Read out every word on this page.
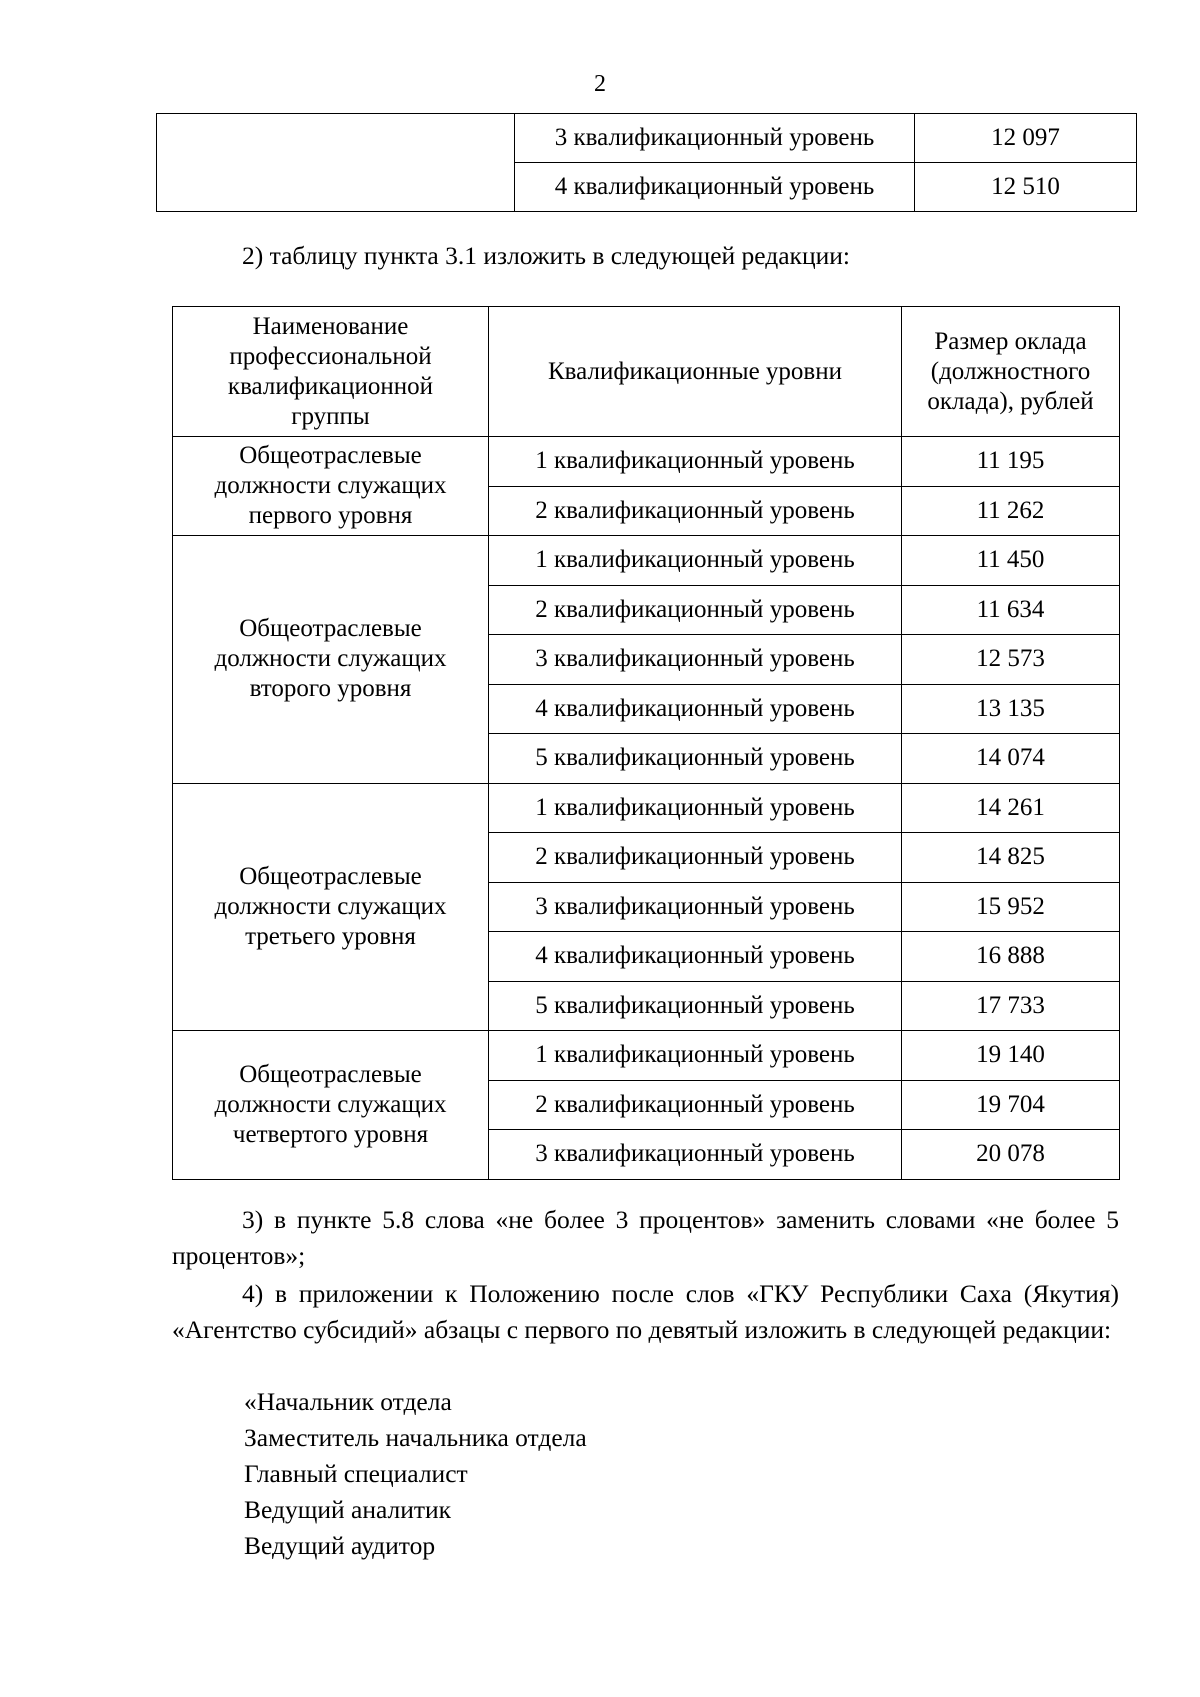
2
	3 квалификационный уровень	12 097
	4 квалификационный уровень	12 510

2) таблицу пункта 3.1 изложить в следующей редакции:

Наименование профессиональной квалификационной группы	Квалификационные уровни	Размер оклада (должностного оклада), рублей
Общеотраслевые должности служащих первого уровня	1 квалификационный уровень	11 195
	2 квалификационный уровень	11 262
Общеотраслевые должности служащих второго уровня	1 квалификационный уровень	11 450
	2 квалификационный уровень	11 634
	3 квалификационный уровень	12 573
	4 квалификационный уровень	13 135
	5 квалификационный уровень	14 074
Общеотраслевые должности служащих третьего уровня	1 квалификационный уровень	14 261
	2 квалификационный уровень	14 825
	3 квалификационный уровень	15 952
	4 квалификационный уровень	16 888
	5 квалификационный уровень	17 733
Общеотраслевые должности служащих четвертого уровня	1 квалификационный уровень	19 140
	2 квалификационный уровень	19 704
	3 квалификационный уровень	20 078

3) в пункте 5.8 слова «не более 3 процентов» заменить словами «не более 5 процентов»;

4) в приложении к Положению после слов «ГКУ Республики Саха (Якутия) «Агентство субсидий» абзацы с первого по девятый изложить в следующей редакции:

«Начальник отдела
Заместитель начальника отдела
Главный специалист
Ведущий аналитик
Ведущий аудитор
